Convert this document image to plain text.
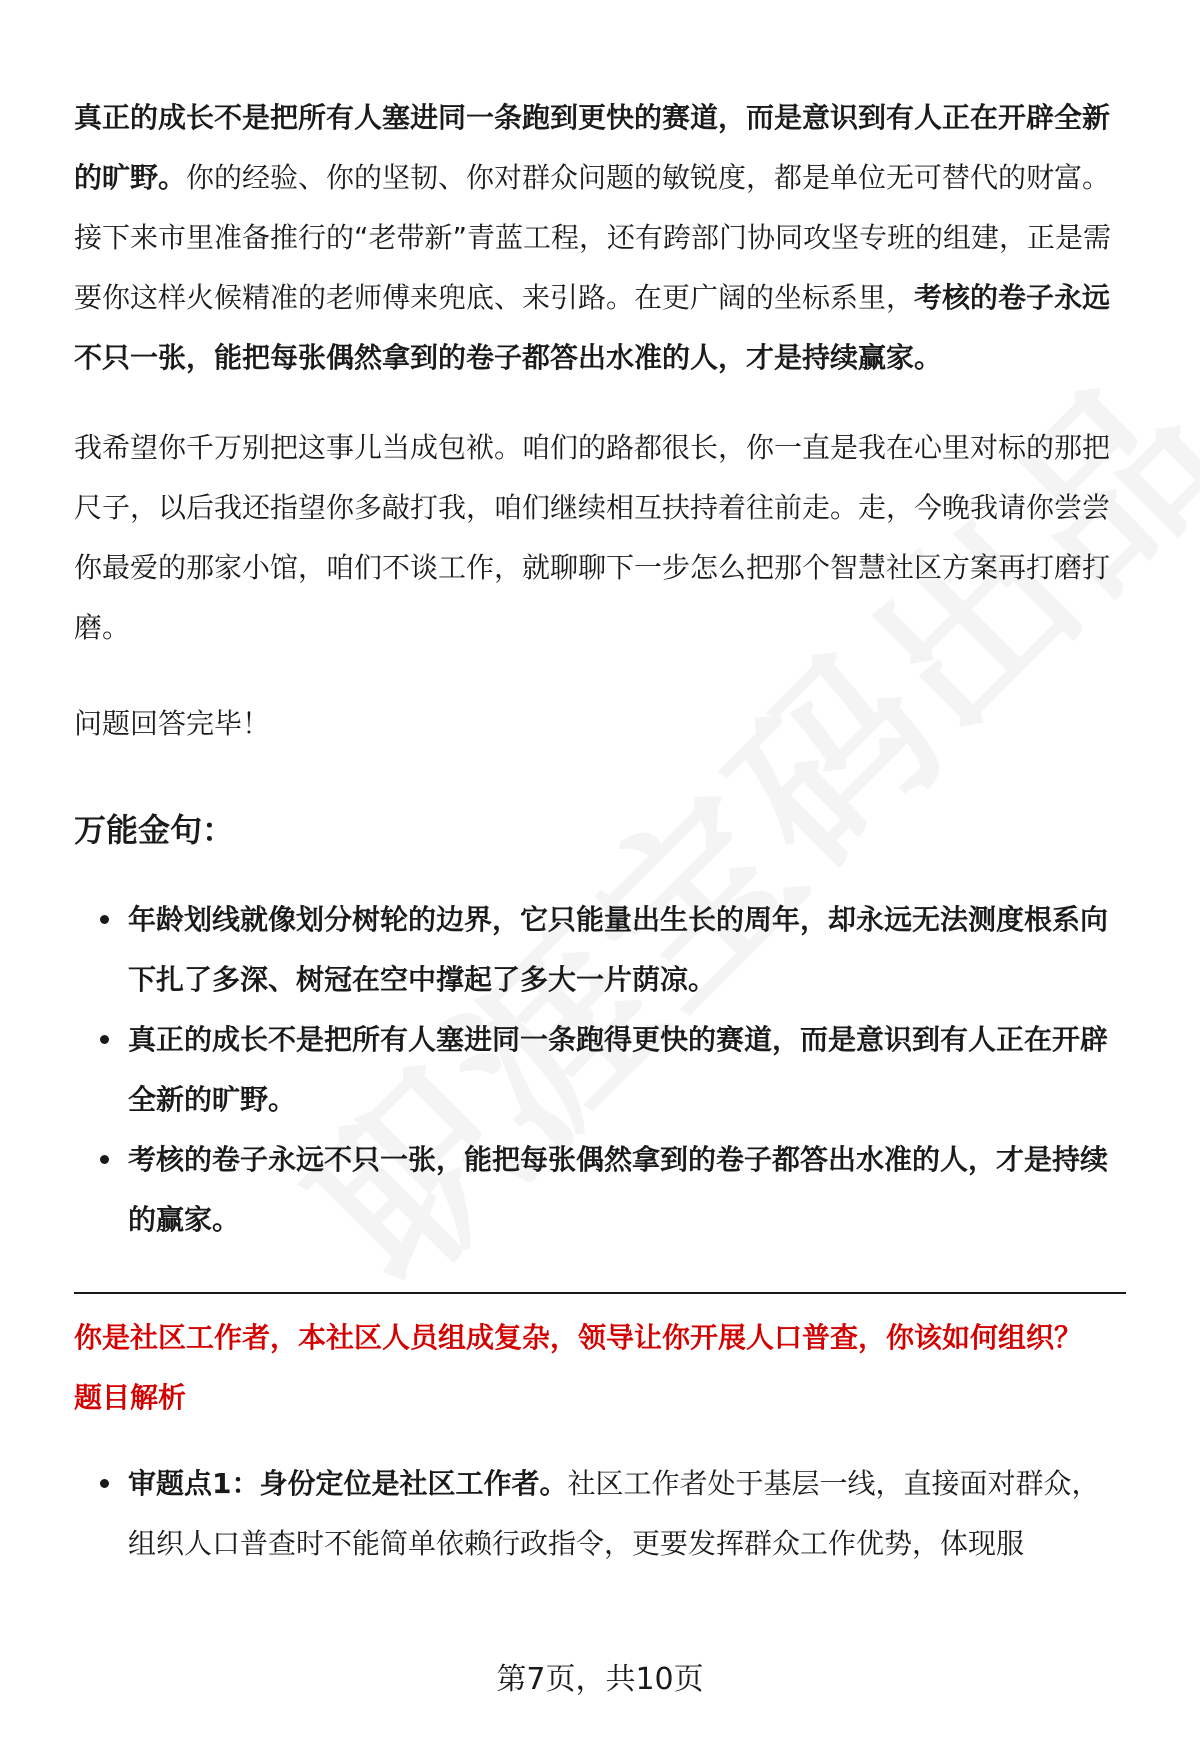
真正的成长不是把所有人塞进同一条跑到更快的赛道，而是意识到有人正在开辟全新的旷野。你的经验、你的坚韧、你对群众问题的敏锐度，都是单位无可替代的财富。接下来市里准备推行的“老带新”青蓝工程，还有跨部门协同攻坚专班的组建，正是需要你这样火候精准的老师傅来兜底、来引路。在更广阔的坐标系里，考核的卷子永远不只一张，能把每张偶然拿到的卷子都答出水准的人，才是持续赢家。

我希望你千万别把这事儿当成包袱。咱们的路都很长，你一直是我在心里对标的那把尺子，以后我还指望你多敲打我，咱们继续相互扶持着往前走。走，今晚我请你尝尝你最爱的那家小馆，咱们不谈工作，就聊聊下一步怎么把那个智慧社区方案再打磨打磨。

问题回答完毕！

万能金句：
年龄划线就像划分树轮的边界，它只能量出生长的周年，却永远无法测度根系向下扎了多深、树冠在空中撑起了多大一片荫凉。
真正的成长不是把所有人塞进同一条跑得更快的赛道，而是意识到有人正在开辟全新的旷野。
考核的卷子永远不只一张，能把每张偶然拿到的卷子都答出水准的人，才是持续的赢家。

你是社区工作者，本社区人员组成复杂，领导让你开展人口普查，你该如何组织？

题目解析

审题点1：身份定位是社区工作者。社区工作者处于基层一线，直接面对群众，组织人口普查时不能简单依赖行政指令，更要发挥群众工作优势，体现服
第7页，共10页
